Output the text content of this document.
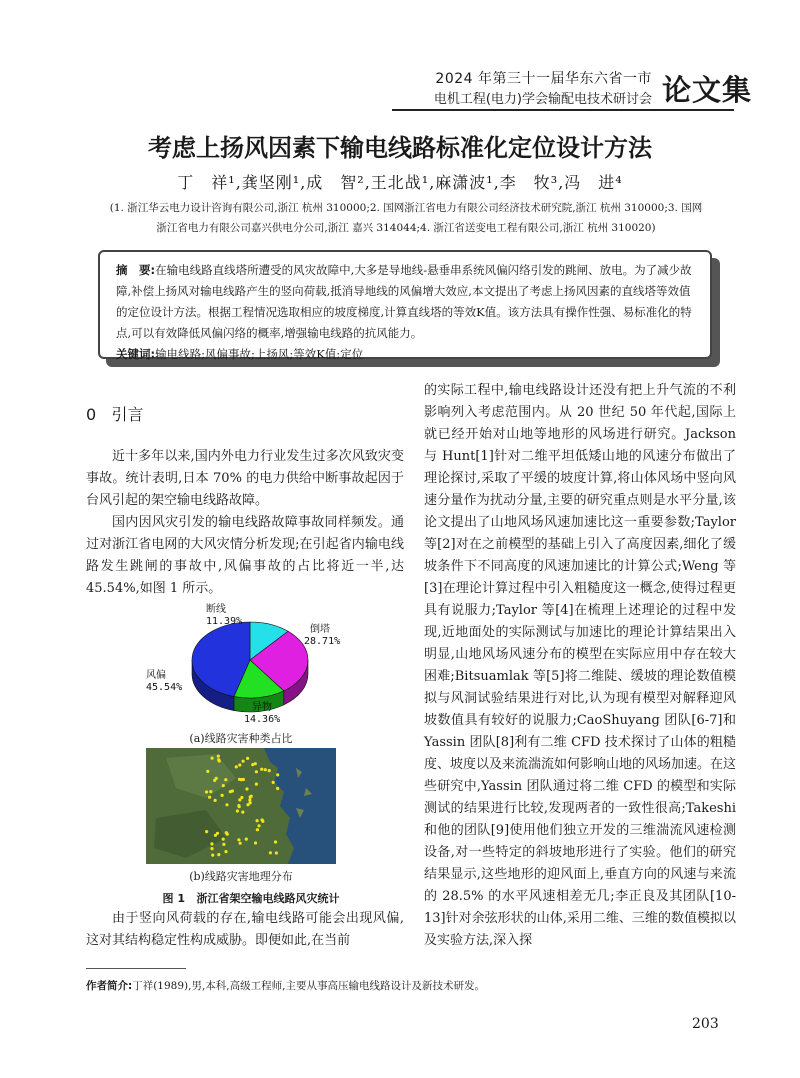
2024 年第三十一届华东六省一市
电机工程(电力)学会输配电技术研讨会 论文集
考虑上扬风因素下输电线路标准化定位设计方法
丁　祥¹,龚坚刚¹,成　智²,王北战¹,麻潇波¹,李　牧³,冯　进⁴
(1. 浙江华云电力设计咨询有限公司,浙江 杭州 310000;2. 国网浙江省电力有限公司经济技术研究院,浙江 杭州 310000;3. 国网
浙江省电力有限公司嘉兴供电分公司,浙江 嘉兴 314044;4. 浙江省送变电工程有限公司,浙江 杭州 310020)
摘　要:在输电线路直线塔所遭受的风灾故障中,大多是导地线-悬垂串系统风偏闪络引发的跳闸、放电。为了减少故障,补偿上扬风对输电线路产生的竖向荷载,抵消导地线的风偏增大效应,本文提出了考虑上扬风因素的直线塔等效值的定位设计方法。根据工程情况选取相应的坡度梯度,计算直线塔的等效K值。该方法具有操作性强、易标准化的特点,可以有效降低风偏闪络的概率,增强输电线路的抗风能力。
关键词:输电线路;风偏事故;上扬风;等效K值;定位
0 引言

近十多年以来,国内外电力行业发生过多次风致灾变事故。统计表明,日本 70% 的电力供给中断事故起因于台风引起的架空输电线路故障。

国内因风灾引发的输电线路故障事故同样频发。通过对浙江省电网的大风灾情分析发现;在引起省内输电线路发生跳闸的事故中,风偏事故的占比将近一半,达 45.54%,如图 1 所示。

断线
11.39%
倒塔
28.71%
异物
14.36%
风偏
45.54%
(a)线路灾害种类占比
(b)线路灾害地理分布
图 1 浙江省架空输电线路风灾统计

由于竖向风荷载的存在,输电线路可能会出现风偏,这对其结构稳定性构成威胁。即便如此,在当前

的实际工程中,输电线路设计还没有把上升气流的不利影响列入考虑范围内。从 20 世纪 50 年代起,国际上就已经开始对山地等地形的风场进行研究。Jackson 与 Hunt[1]针对二维平坦低矮山地的风速分布做出了理论探讨,采取了平缓的坡度计算,将山体风场中竖向风速分量作为扰动分量,主要的研究重点则是水平分量,该论文提出了山地风场风速加速比这一重要参数;Taylor 等[2]对在之前模型的基础上引入了高度因素,细化了缓坡条件下不同高度的风速加速比的计算公式;Weng 等[3]在理论计算过程中引入粗糙度这一概念,使得过程更具有说服力;Taylor 等[4]在梳理上述理论的过程中发现,近地面处的实际测试与加速比的理论计算结果出入明显,山地风场风速分布的模型在实际应用中存在较大困难;Bitsuamlak 等[5]将二维陡、缓坡的理论数值模拟与风洞试验结果进行对比,认为现有模型对解释迎风坡数值具有较好的说服力;CaoShuyang 团队[6-7]和 Yassin 团队[8]利有二维 CFD 技术探讨了山体的粗糙度、坡度以及来流湍流如何影响山地的风场加速。在这些研究中,Yassin 团队通过将二维 CFD 的模型和实际测试的结果进行比较,发现两者的一致性很高;Takeshi 和他的团队[9]使用他们独立开发的三维湍流风速检测设备,对一些特定的斜坡地形进行了实验。他们的研究结果显示,这些地形的迎风面上,垂直方向的风速与来流的 28.5% 的水平风速相差无几;李正良及其团队[10-13]针对余弦形状的山体,采用二维、三维的数值模拟以及实验方法,深入探

作者简介:丁祥(1989),男,本科,高级工程师,主要从事高压输电线路设计及新技术研发。
203
